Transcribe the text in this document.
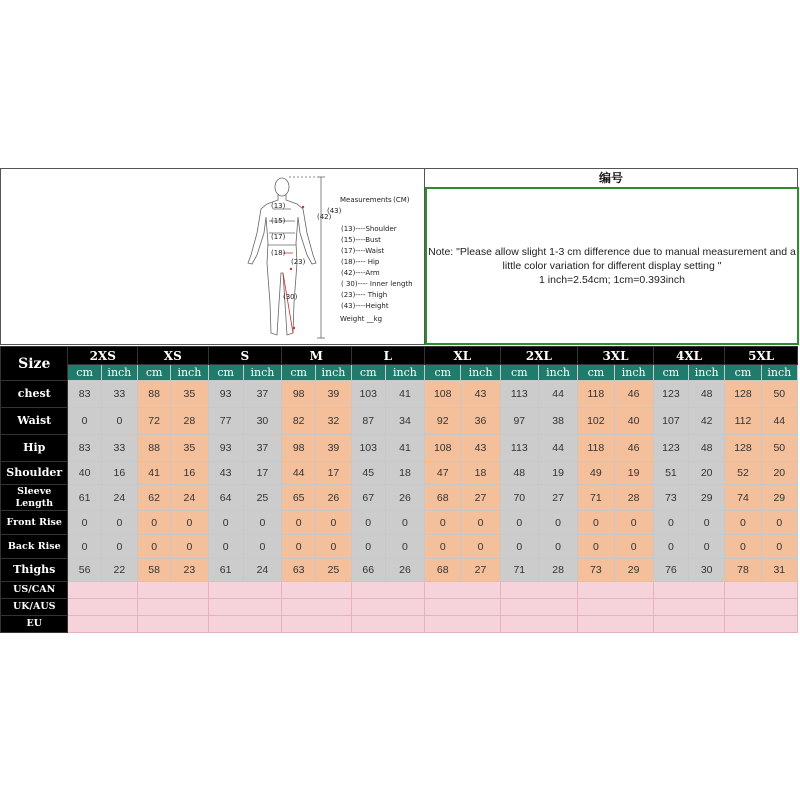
(13)
(15)
(17)
(18)
(23)
(30)
(42)
(43)
Measurements (CM)
(13)----Shoulder
(15)----Bust
(17)----Waist
(18)---- Hip
(42)----Arm
( 30)---- Inner length
(23)---- Thigh
(43)----Height
Weight __kg
编号
Note: "Please allow slight 1-3 cm difference due to manual measurement and a
little color variation for different display setting "
1 inch=2.54cm; 1cm=0.393inch
Size	2XS		XS		S		M		L		XL		2XL		3XL		4XL		5XL	
	cm	inch	cm	inch	cm	inch	cm	inch	cm	inch	cm	inch	cm	inch	cm	inch	cm	inch	cm	inch
chest	83	33	88	35	93	37	98	39	103	41	108	43	113	44	118	46	123	48	128	50
Waist	0	0	72	28	77	30	82	32	87	34	92	36	97	38	102	40	107	42	112	44
Hip	83	33	88	35	93	37	98	39	103	41	108	43	113	44	118	46	123	48	128	50
Shoulder	40	16	41	16	43	17	44	17	45	18	47	18	48	19	49	19	51	20	52	20
Sleeve Length	61	24	62	24	64	25	65	26	67	26	68	27	70	27	71	28	73	29	74	29
Front Rise	0	0	0	0	0	0	0	0	0	0	0	0	0	0	0	0	0	0	0	0
Back Rise	0	0	0	0	0	0	0	0	0	0	0	0	0	0	0	0	0	0	0	0
Thighs	56	22	58	23	61	24	63	25	66	26	68	27	71	28	73	29	76	30	78	31
US/CAN																				
UK/AUS																				
EU																				
